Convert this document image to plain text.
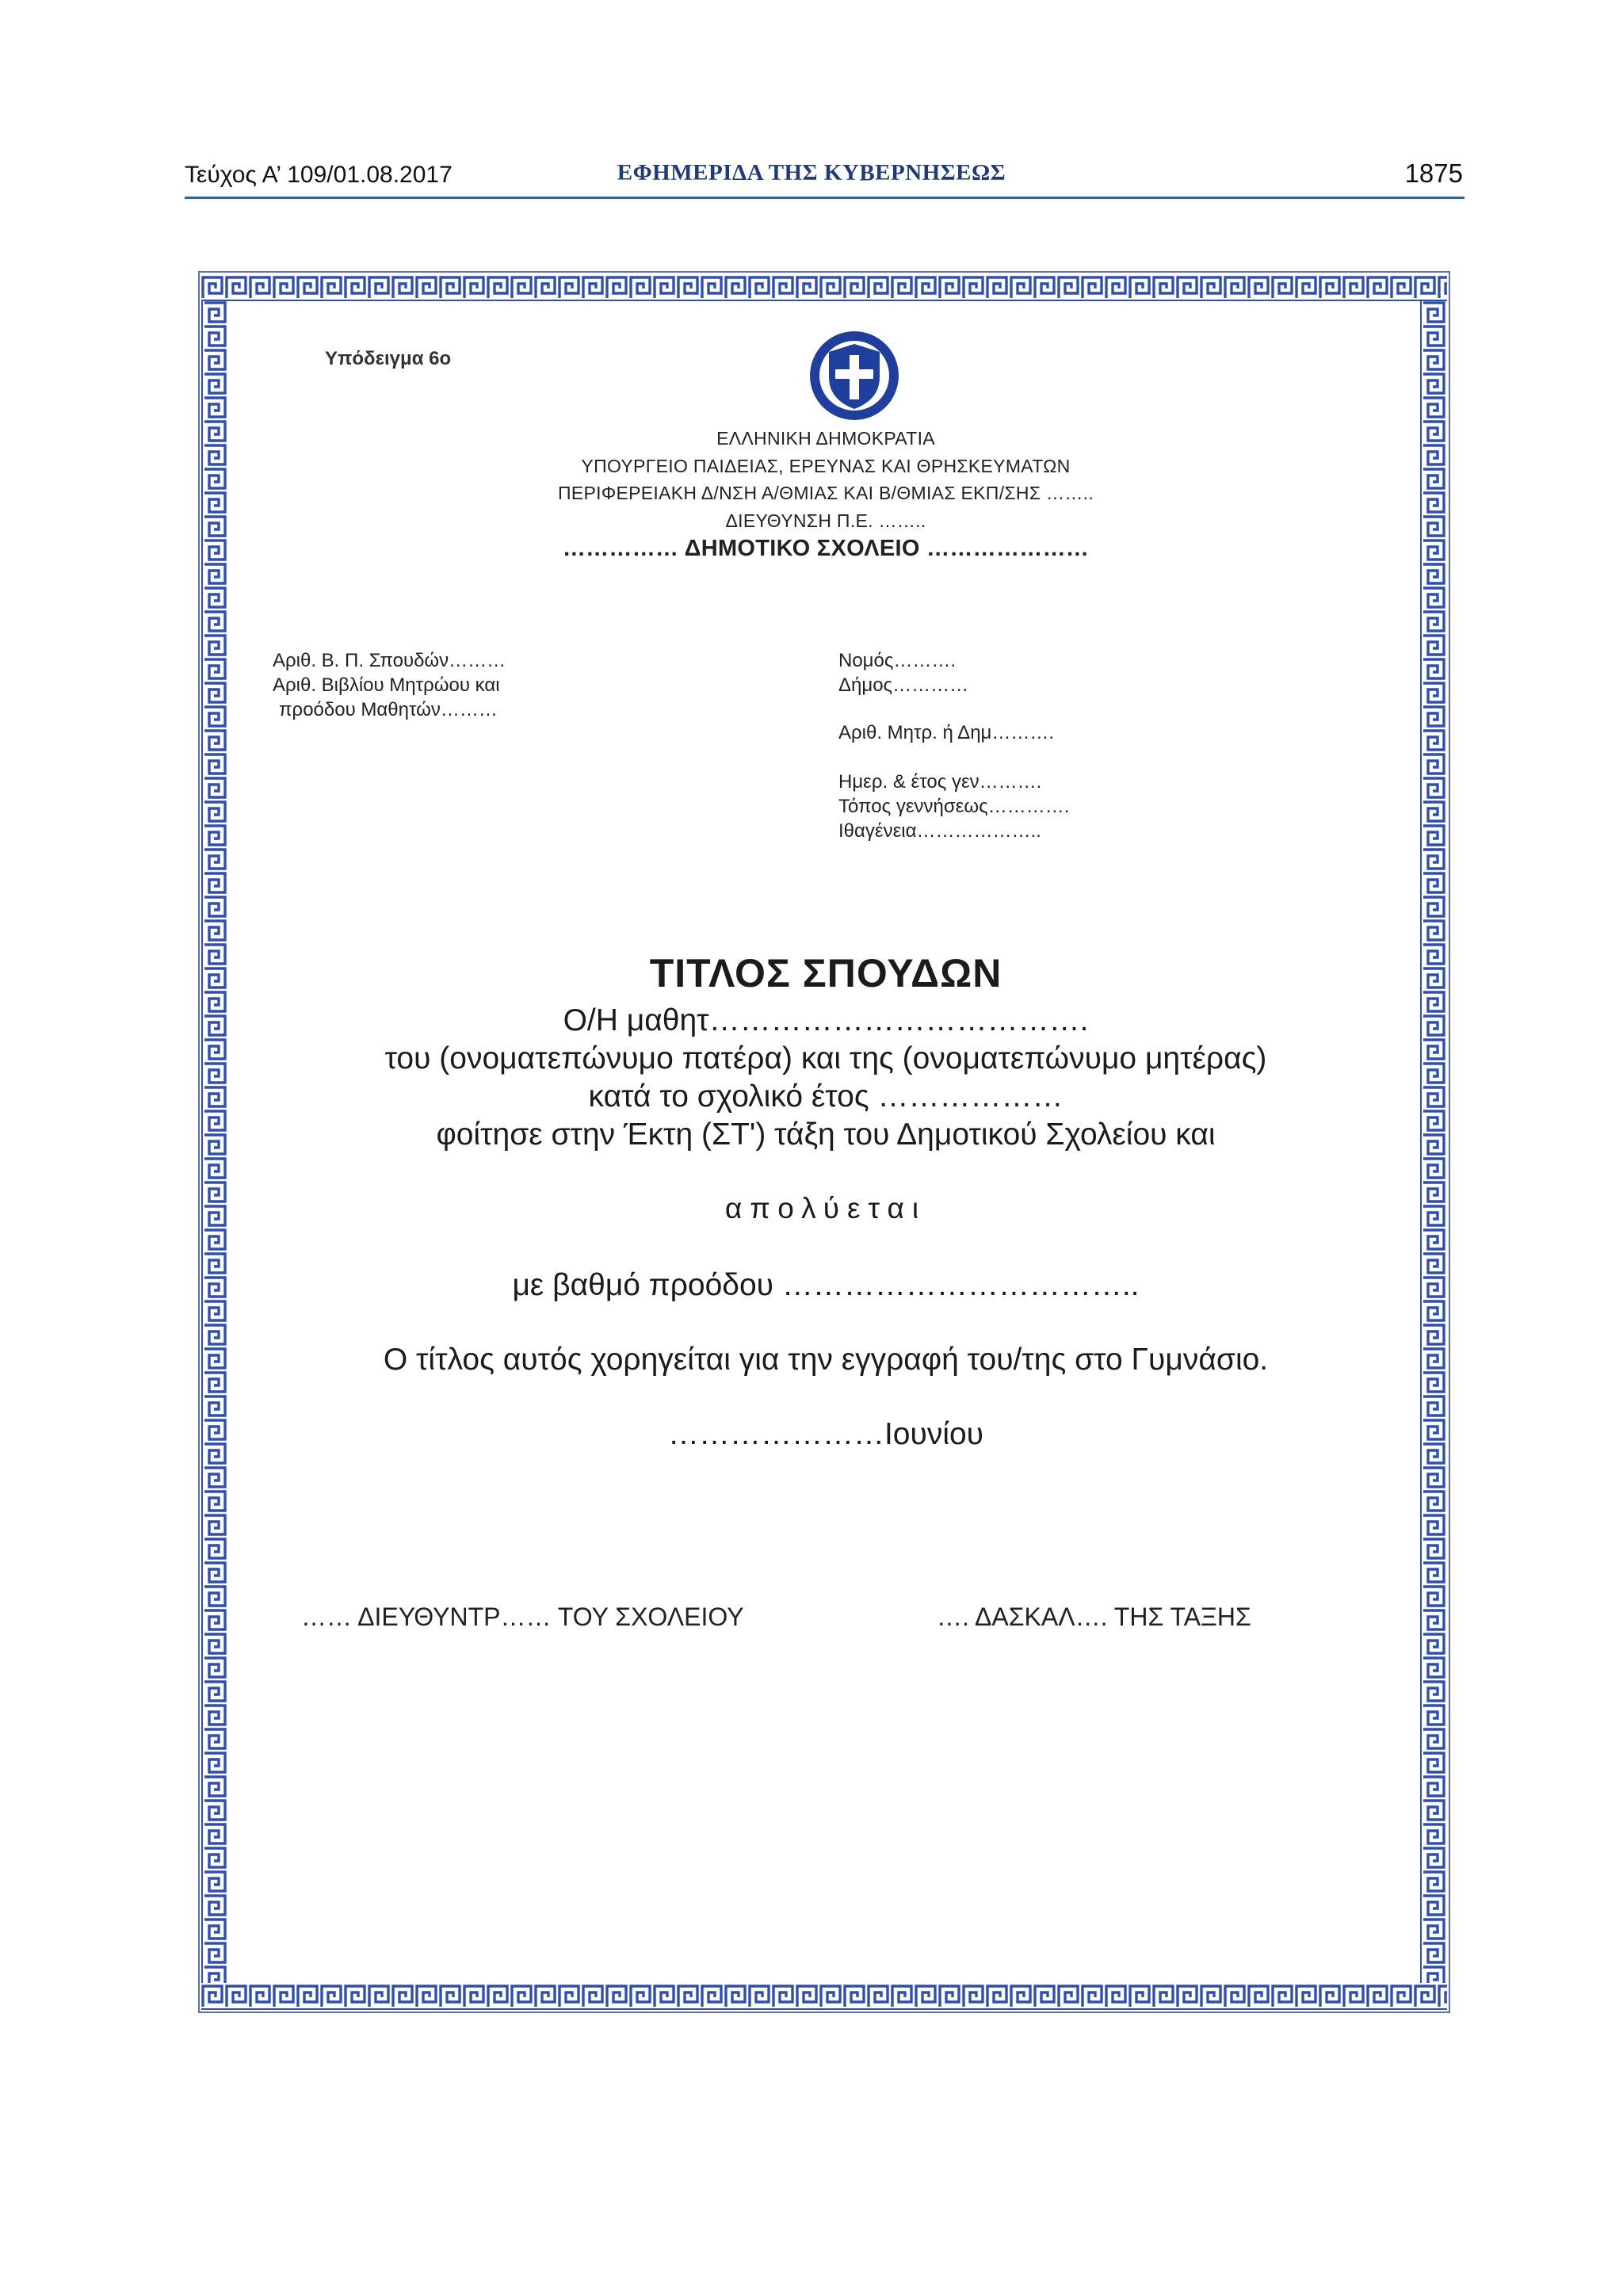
Τεύχος Α’ 109/01.08.2017	ΕΦΗΜΕΡΙΔΑ ΤΗΣ ΚΥΒΕΡΝΗΣΕΩΣ	1875
Υπόδειγμα 6ο
ΕΛΛΗΝΙΚΗ ΔΗΜΟΚΡΑΤΙΑ
ΥΠΟΥΡΓΕΙΟ ΠΑΙΔΕΙΑΣ, ΕΡΕΥΝΑΣ ΚΑΙ ΘΡΗΣΚΕΥΜΑΤΩΝ
ΠΕΡΙΦΕΡΕΙΑΚΗ Δ/ΝΣΗ Α/ΘΜΙΑΣ ΚΑΙ Β/ΘΜΙΑΣ ΕΚΠ/ΣΗΣ ……..
ΔΙΕΥΘΥΝΣΗ Π.Ε. ……..
…………… ΔΗΜΟΤΙΚΟ ΣΧΟΛΕΙΟ …………………
Αριθ. Β. Π. Σπουδών………
Αριθ. Βιβλίου Μητρώου και
προόδου Μαθητών………
Νομός……….
Δήμος…………
Αριθ. Μητρ. ή Δημ……….
Ημερ. & έτος γεν……….
Τόπος γεννήσεως………….
Ιθαγένεια………………..
ΤΙΤΛΟΣ ΣΠΟΥΔΩΝ
Ο/Η μαθητ……………………………….
του (ονοματεπώνυμο πατέρα) και της (ονοματεπώνυμο μητέρας)
κατά το σχολικό έτος ………………
φοίτησε στην Έκτη (ΣΤ') τάξη του Δημοτικού Σχολείου και
απολύεται
με βαθμό προόδου ……………………………..
Ο τίτλος αυτός χορηγείται για την εγγραφή του/της στο Γυμνάσιο.
…………………Ιουνίου
…… ΔΙΕΥΘΥΝΤΡ…… ΤΟΥ ΣΧΟΛΕΙΟΥ	…. ΔΑΣΚΑΛ…. ΤΗΣ ΤΑΞΗΣ
